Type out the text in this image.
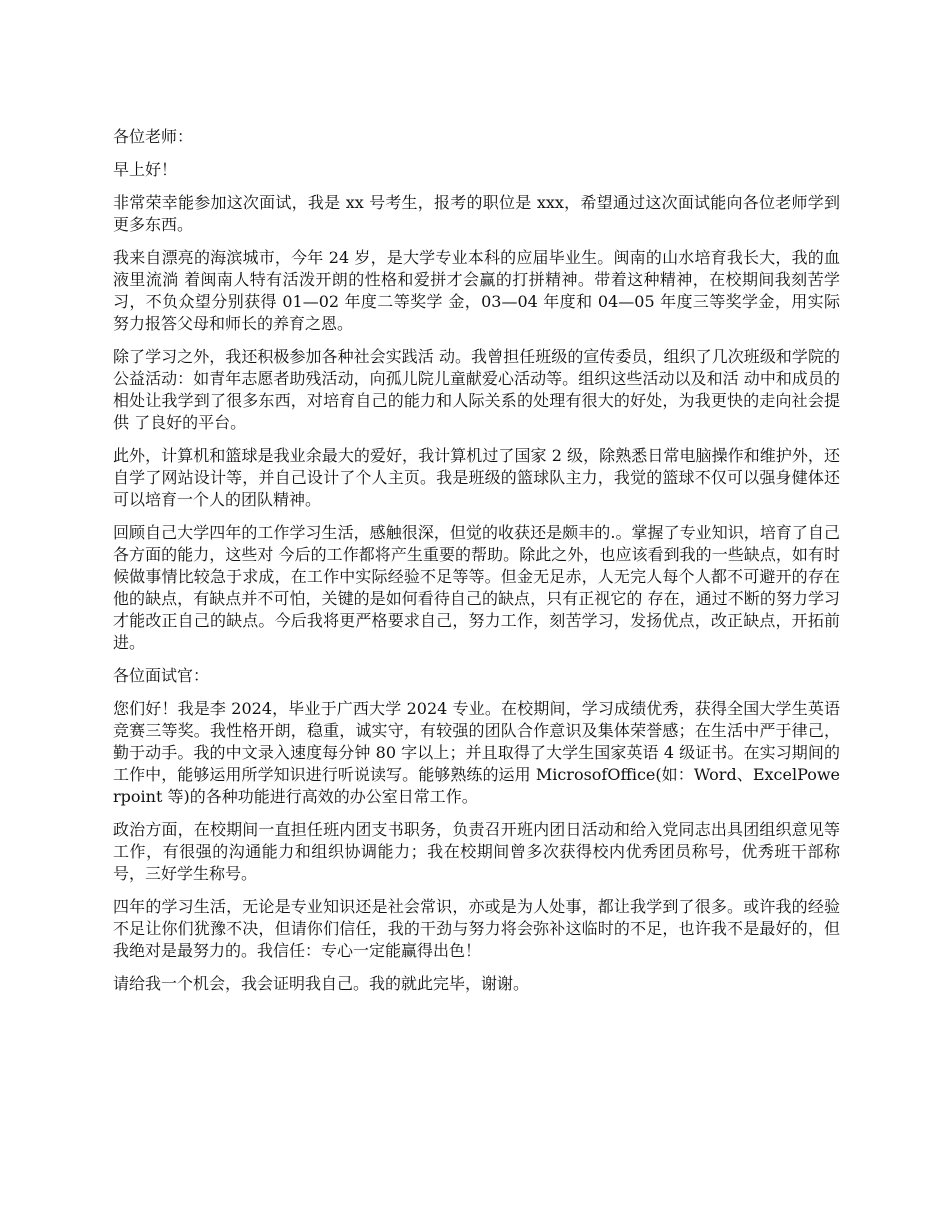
各位老师：

早上好！

非常荣幸能参加这次面试，我是 xx 号考生，报考的职位是 xxx，希望通过这次面试能向各位老师学到更多东西。

我来自漂亮的海滨城市，今年 24 岁，是大学专业本科的应届毕业生。闽南的山水培育我长大，我的血液里流淌 着闽南人特有活泼开朗的性格和爱拼才会赢的打拼精神。带着这种精神，在校期间我刻苦学习，不负众望分别获得 01—02 年度二等奖学 金，03—04 年度和 04—05 年度三等奖学金，用实际努力报答父母和师长的养育之恩。

除了学习之外，我还积极参加各种社会实践活 动。我曾担任班级的宣传委员，组织了几次班级和学院的公益活动：如青年志愿者助残活动，向孤儿院儿童献爱心活动等。组织这些活动以及和活 动中和成员的相处让我学到了很多东西，对培育自己的能力和人际关系的处理有很大的好处，为我更快的走向社会提供 了良好的平台。

此外，计算机和篮球是我业余最大的爱好，我计算机过了国家 2 级，除熟悉日常电脑操作和维护外，还自学了网站设计等，并自己设计了个人主页。我是班级的篮球队主力，我觉的篮球不仅可以强身健体还可以培育一个人的团队精神。

回顾自己大学四年的工作学习生活，感触很深，但觉的收获还是颇丰的.。掌握了专业知识，培育了自己各方面的能力，这些对 今后的工作都将产生重要的帮助。除此之外，也应该看到我的一些缺点，如有时候做事情比较急于求成，在工作中实际经验不足等等。但金无足赤，人无完人每个人都不可避开的存在他的缺点，有缺点并不可怕，关键的是如何看待自己的缺点，只有正视它的 存在，通过不断的努力学习才能改正自己的缺点。今后我将更严格要求自己，努力工作，刻苦学习，发扬优点，改正缺点，开拓前进。

各位面试官：

您们好！我是李 2024，毕业于广西大学 2024 专业。在校期间，学习成绩优秀，获得全国大学生英语竞赛三等奖。我性格开朗，稳重，诚实守，有较强的团队合作意识及集体荣誉感；在生活中严于律己，勤于动手。我的中文录入速度每分钟 80 字以上；并且取得了大学生国家英语 4 级证书。在实习期间的工作中，能够运用所学知识进行听说读写。能够熟练的运用 MicrosofOffice(如：Word、ExcelPowerpoint 等)的各种功能进行高效的办公室日常工作。

政治方面，在校期间一直担任班内团支书职务，负责召开班内团日活动和给入党同志出具团组织意见等工作，有很强的沟通能力和组织协调能力；我在校期间曾多次获得校内优秀团员称号，优秀班干部称号，三好学生称号。

四年的学习生活，无论是专业知识还是社会常识，亦或是为人处事，都让我学到了很多。或许我的经验不足让你们犹豫不决，但请你们信任，我的干劲与努力将会弥补这临时的不足，也许我不是最好的，但我绝对是最努力的。我信任：专心一定能赢得出色！

请给我一个机会，我会证明我自己。我的就此完毕，谢谢。
